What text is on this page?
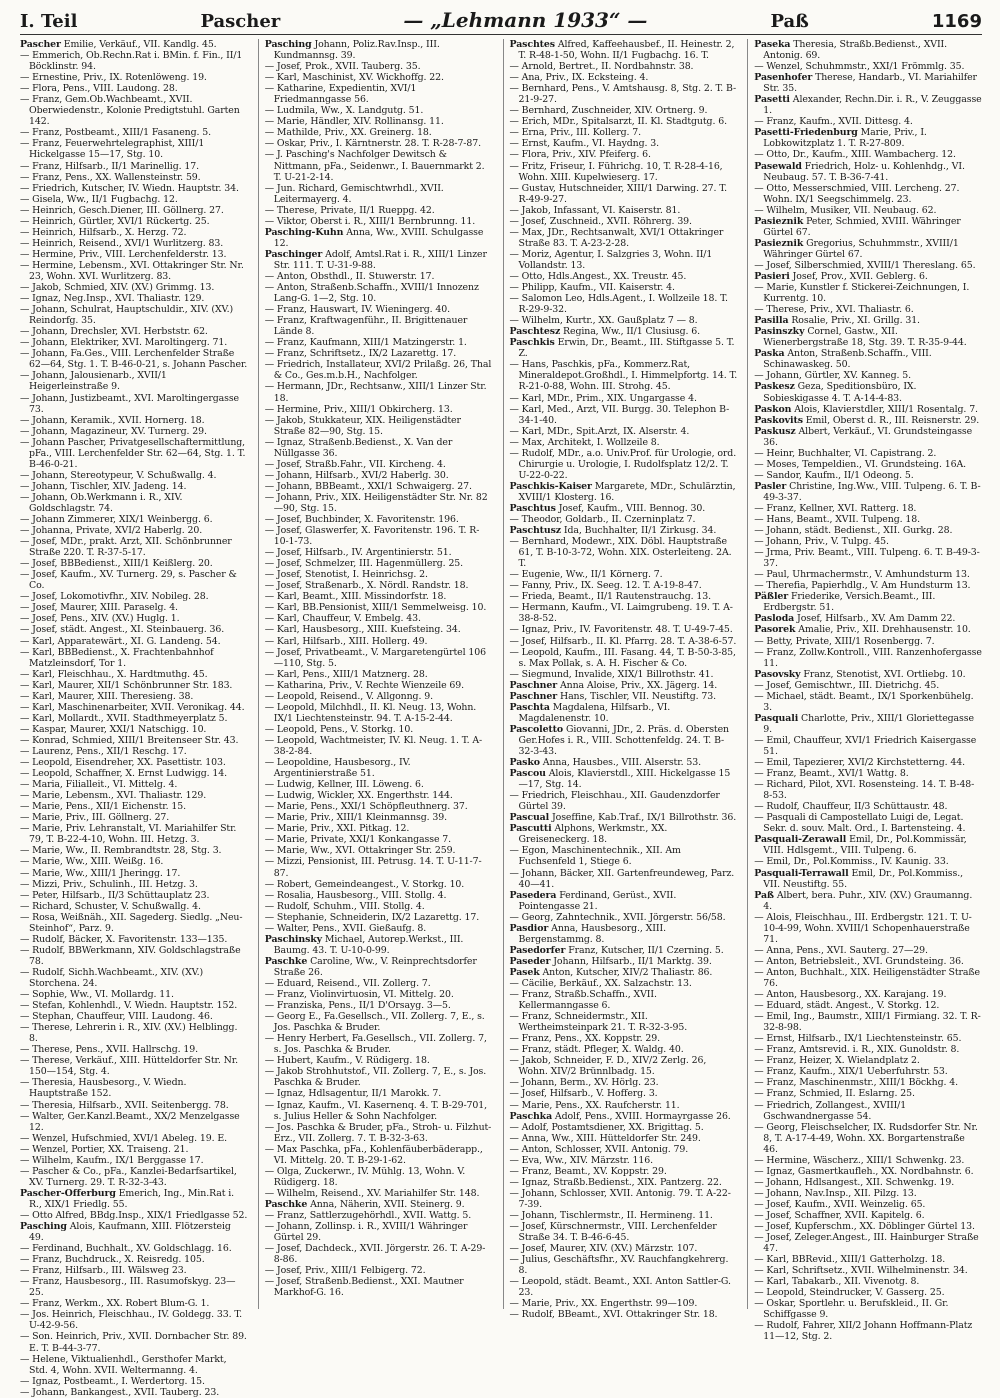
I. Teil	Pascher	— „Lehmann 1933“ —	Paß	1169

Pascher Emilie, Verkäuf., VII. Kandlg. 45.

— Emmerich, Ob.Rechn.Rat i. BMin. f. Fin., II/1 Böcklinstr. 94.

— Ernestine, Priv., IX. Rotenlöweng. 19.

— Flora, Pens., VIII. Laudong. 28.

— Franz, Gem.Ob.Wachbeamt., XVII. Oberwiedenstr., Kolonie Predigtstuhl. Garten 142.

— Franz, Postbeamt., XIII/1 Fasaneng. 5.

— Franz, Feuerwehrtelegraphist, XIII/1 Hickelgasse 15—17, Stg. 10.

— Franz, Hilfsarb., II/1 Marinellig. 17.

— Franz, Pens., XX. Wallensteinstr. 59.

— Friedrich, Kutscher, IV. Wiedn. Hauptstr. 34.

— Gisela, Ww., II/1 Fugbachg. 12.

— Heinrich, Gesch.Diener, III. Göllnerg. 27.

— Heinrich, Gürtler, XVI/1 Rückertg. 25.

— Heinrich, Hilfsarb., X. Herzg. 72.

— Heinrich, Reisend., XVI/1 Wurlitzerg. 83.

— Hermine, Priv., VIII. Lerchenfelderstr. 13.

— Hermine, Lebensm., XVI. Ottakringer Str. Nr. 23, Wohn. XVI. Wurlitzerg. 83.

— Jakob, Schmied, XIV. (XV.) Grimmg. 13.

— Ignaz, Neg.Insp., XVI. Thaliastr. 129.

— Johann, Schulrat, Hauptschuldir., XIV. (XV.) Reindorfg. 35.

— Johann, Drechsler, XVI. Herbststr. 62.

— Johann, Elektriker, XVI. Maroltingerg. 71.

— Johann, Fa.Ges., VIII. Lerchenfelder Straße 62—64, Stg. 1. T. B-46-0-21, s. Johann Pascher.

— Johann, Jalousienarb., XVII/1 Heigerleinstraße 9.

— Johann, Justizbeamt., XVI. Maroltingergasse 73.

— Johann, Keramik., XVII. Hornerg. 18.

— Johann, Magazineur, XV. Turnerg. 29.

— Johann Pascher, Privatgesellschaftermittlung, pFa., VIII. Lerchenfelder Str. 62—64, Stg. 1. T. B-46-0-21.

— Johann, Stereotypeur, V. Schußwallg. 4.

— Johann, Tischler, XIV. Jadeng. 14.

— Johann, Ob.Werkmann i. R., XIV. Goldschlagstr. 74.

— Johann Zimmerer, XIX/1 Weinbergg. 6.

— Johanna, Private, XVI/2 Haberlg. 20.

— Josef, MDr., prakt. Arzt, XII. Schönbrunner Straße 220. T. R-37-5-17.

— Josef, BBBedienst., XIII/1 Keißlerg. 20.

— Josef, Kaufm., XV. Turnerg. 29, s. Pascher & Co.

— Josef, Lokomotivfhr., XIV. Nobileg. 28.

— Josef, Maurer, XIII. Paraselg. 4.

— Josef, Pens., XIV. (XV.) Huglg. 1.

— Josef, städt. Angest., XI. Steinbauerg. 36.

— Karl, Apparatewärt., XI. G. Landeng. 54.

— Karl, BBBedienst., X. Frachtenbahnhof Matzleinsdorf, Tor 1.

— Karl, Fleischhau., X. Hardtmuthg. 45.

— Karl, Maurer, XII/1 Schönbrunner Str. 183.

— Karl, Maurer, XIII. Theresieng. 38.

— Karl, Maschinenarbeiter, XVII. Veronikag. 44.

— Karl, Mollardt., XVII. Stadthmeyerplatz 5.

— Kaspar, Maurer, XXI/1 Natschigg. 10.

— Konrad, Schmied, XIII/1 Breitenseer Str. 43.

— Laurenz, Pens., XII/1 Reschg. 17.

— Leopold, Eisendreher, XX. Pasettistr. 103.

— Leopold, Schaffner, X. Ernst Ludwigg. 14.

— Maria, Filialleit., VI. Mittelg. 4.

— Marie, Lebensm., XVI. Thaliastr. 129.

— Marie, Pens., XII/1 Eichenstr. 15.

— Marie, Priv., III. Göllnerg. 27.

— Marie, Priv. Lehranstalt, VI. Mariahilfer Str. 79, T. B-22-4-10, Wohn. III. Hetzg. 3.

— Marie, Ww., II. Rembrandtstr. 28, Stg. 3.

— Marie, Ww., XIII. Weißg. 16.

— Marie, Ww., XIII/1 Jheringg. 17.

— Mizzi, Priv., Schulinh., III. Hetzg. 3.

— Peter, Hilfsarb., II/3 Schüttauplatz 23.

— Richard, Schuster, V. Schußwallg. 4.

— Rosa, Weißnäh., XII. Sagederg. Siedlg. „Neu-Steinhof“, Parz. 9.

— Rudolf, Bäcker, X. Favoritenstr. 133—135.

— Rudolf, BBWerkmann, XIV. Goldschlagstraße 78.

— Rudolf, Sichh.Wachbeamt., XIV. (XV.) Storchena. 24.

— Sophie, Ww., VI. Mollardg. 11.

— Stefan, Kohlenhdl., V. Wiedn. Hauptstr. 152.

— Stephan, Chauffeur, VIII. Laudong. 46.

— Therese, Lehrerin i. R., XIV. (XV.) Helblingg. 8.

— Therese, Pens., XVII. Hallrschg. 19.

— Therese, Verkäuf., XIII. Hütteldorfer Str. Nr. 150—154, Stg. 4.

— Theresia, Hausbesorg., V. Wiedn. Hauptstraße 152.

— Theresia, Hilfsarb., XVII. Seitenbergg. 78.

— Walter, Ger.Kanzl.Beamt., XX/2 Menzelgasse 12.

— Wenzel, Hufschmied, XVI/1 Abeleg. 19. E.

— Wenzel, Portier, XX. Traiseng. 21.

— Wilhelm, Kaufm., IX/1 Berggasse 17.

— Pascher & Co., pFa., Kanzlei-Bedarfsartikel, XV. Turnerg. 29. T. R-32-3-43.

Pascher-Offerburg Emerich, Ing., Min.Rat i. R., XIX/1 Friedlg. 55.

— Otto Alfred, BBdg.Insp., XIX/1 Friedlgasse 52.

Pasching Alois, Kaufmann, XIII. Flötzersteig 49.

— Ferdinand, Buchhalt., XV. Goldschlagg. 16.

— Franz, Buchdruck., X. Reisredg. 105.

— Franz, Hilfsarb., III. Wälsweg 23.

— Franz, Hausbesorg., III. Rasumofskyg. 23—25.

— Franz, Werkm., XX. Robert Blum-G. 1.

— Jos. Heinrich, Fleischhau., IV. Goldegg. 33. T. U-42-9-56.

— Son. Heinrich, Priv., XVII. Dornbacher Str. 89. E. T. B-44-3-77.

— Helene, Viktualienhdl., Gersthofer Markt, Std. 4, Wohn. XVII. Weltermanng. 4.

— Ignaz, Postbeamt., I. Werdertorg. 15.

— Johann, Bankangest., XVII. Tauberg. 23.

Pasching Johann, Poliz.Rav.Insp., III. Kundmannsg. 39.

— Josef, Prok., XVII. Tauberg. 35.

— Karl, Maschinist, XV. Wickhoffg. 22.

— Katharine, Expedientin, XVI/1 Friedmanngasse 56.

— Ludmila, Ww., X. Landgutg. 51.

— Marie, Händler, XIV. Rollinansg. 11.

— Mathilde, Priv., XX. Greinerg. 18.

— Oskar, Priv., I. Kärntnerstr. 28. T. R-28-7-87.

— J. Pasching's Nachfolger Dewitsch & Nittmann, pFa., Seidenwr., I. Bauernmarkt 2. T. U-21-2-14.

— Jun. Richard, Gemischtwrhdl., XVII. Leitermayerg. 4.

— Therese, Private, II/1 Rueppg. 42.

— Viktor, Oberst i. R., XIII/1 Bernbrunng. 11.

Pasching-Kuhn Anna, Ww., XVIII. Schulgasse 12.

Paschinger Adolf, Amtsl.Rat i. R., XIII/1 Linzer Str. 111. T. U-31-9-88.

— Anton, Obsthdl., II. Stuwerstr. 17.

— Anton, Straßenb.Schaffn., XVIII/1 Innozenz Lang-G. 1—2, Stg. 10.

— Franz, Hauswart, IV. Wieningerg. 40.

— Franz, Kraftwagenführ., II. Brigittenauer Lände 8.

— Franz, Kaufmann, XIII/1 Matzingerstr. 1.

— Franz, Schriftsetz., IX/2 Lazarettg. 17.

— Friedrich, Installateur, XVI/2 Prilaßg. 26, Thal & Co., Ges.m.b.H., Nachfolger.

— Hermann, JDr., Rechtsanw., XIII/1 Linzer Str. 18.

— Hermine, Priv., XIII/1 Obkircherg. 13.

— Jakob, Stukkateur, XIX. Heiligenstädter Straße 82—90, Stg. 15.

— Ignaz, Straßenb.Bedienst., X. Van der Nüllgasse 36.

— Josef, Straßb.Fahr., VII. Kircheng. 4.

— Johann, Hilfsarb., XVI/2 Haberlg. 30.

— Johann, BBBeamt., XXI/1 Schwaigerg. 27.

— Johann, Priv., XIX. Heiligenstädter Str. Nr. 82—90, Stg. 15.

— Josef, Buchbinder, X. Favoritenstr. 196.

— Josef, Glaswerfer, X. Favoritenstr. 196. T. R-10-1-73.

— Josef, Hilfsarb., IV. Argentinierstr. 51.

— Josef, Schmelzer, III. Hagenmüllerg. 25.

— Josef, Stenotist, I. Heinrichsg. 2.

— Josef, Straßenarb., X. Nördl. Randstr. 18.

— Karl, Beamt., XIII. Missindorfstr. 18.

— Karl, BB.Pensionist, XIII/1 Semmelweisg. 10.

— Karl, Chauffeur, V. Embelg. 43.

— Karl, Hausbesorg., XIII. Kuefsteing. 34.

— Karl, Hilfsarb., XIII. Hollerg. 49.

— Josef, Privatbeamt., V. Margaretengürtel 106—110, Stg. 5.

— Karl, Pens., XIII/1 Matznerg. 28.

— Katharina, Priv., V. Rechte Wienzeile 69.

— Leopold, Reisend., V. Allgonng. 9.

— Leopold, Milchhdl., II. Kl. Neug. 13, Wohn. IX/1 Liechtensteinstr. 94. T. A-15-2-44.

— Leopold, Pens., V. Storkg. 10.

— Leopold, Wachtmeister, IV. Kl. Neug. 1. T. A-38-2-84.

— Leopoldine, Hausbesorg., IV. Argentinierstraße 51.

— Ludwig, Kellner, III. Löweng. 6.

— Ludwig, Wickler, XX. Engerthstr. 144.

— Marie, Pens., XXI/1 Schöpfleuthnerg. 37.

— Marie, Priv., XIII/1 Kleinmannsg. 39.

— Marie, Priv., XXI. Pitkag. 12.

— Marie, Private, XXI/1 Konkangasse 7.

— Marie, Ww., XVI. Ottakringer Str. 259.

— Mizzi, Pensionist, III. Petrusg. 14. T. U-11-7-87.

— Robert, Gemeindeangest., V. Storkg. 10.

— Rosalia, Hausbesorg., VIII. Stollg. 4.

— Rudolf, Schuhm., VIII. Stollg. 4.

— Stephanie, Schneiderin, IX/2 Lazarettg. 17.

— Walter, Pens., XVII. Gießaufg. 8.

Paschinsky Michael, Autorep.Werkst., III. Baumg. 43. T. U-10-0-99.

Paschke Caroline, Ww., V. Reinprechtsdorfer Straße 26.

— Eduard, Reisend., VII. Zollerg. 7.

— Franz, Violinvirtuosin, VI. Mittelg. 20.

— Franziska, Pens., II/1 D'Orsayg. 3—5.

— Georg E., Fa.Gesellsch., VII. Zollerg. 7, E., s. Jos. Paschka & Bruder.

— Henry Herbert, Fa.Gesellsch., VII. Zollerg. 7, s. Jos. Paschka & Bruder.

— Hubert, Kaufm., V. Rüdigerg. 18.

— Jakob Strohhutstof., VII. Zollerg. 7, E., s. Jos. Paschka & Bruder.

— Ignaz, Hdlsagentur, II/1 Marokk. 7.

— Ignaz, Kaufm., VI. Kasernenq. 4. T. B-29-701, s. Julius Heller & Sohn Nachfolger.

— Jos. Paschka & Bruder, pFa., Stroh- u. Filzhut-Erz., VII. Zollerg. 7. T. B-32-3-63.

— Max Paschka, pFa., Kohlenfäuberbäderapp., VI. Mittelg. 20. T. B-29-1-62.

— Olga, Zuckerwr., IV. Mühlg. 13, Wohn. V. Rüdigerg. 18.

— Wilhelm, Reisend., XV. Mariahilfer Str. 148.

Paschke Anna, Näherin, XVII. Steinerg. 9.

— Franz, Sattlerzugehörhdl., XVII. Wattg. 5.

— Johann, Zollinsp. i. R., XVIII/1 Währinger Gürtel 29.

— Josef, Dachdeck., XVII. Jörgerstr. 26. T. A-29-8-86.

— Josef, Priv., XIII/1 Felbigerg. 72.

— Josef, Straßenb.Bedienst., XXI. Mautner Markhof-G. 16.

Paschtes Alfred, Kaffeehausbef., II. Heinestr. 2, T. R-48-1-50, Wohn. II/1 Fugbachg. 16. T.

— Arnold, Bertret., II. Nordbahnstr. 38.

— Ana, Priv., IX. Ecksteing. 4.

— Bernhard, Pens., V. Amtshausg. 8, Stg. 2. T. B-21-9-27.

— Bernhard, Zuschneider, XIV. Ortnerg. 9.

— Erich, MDr., Spitalsarzt, II. Kl. Stadtgutg. 6.

— Erna, Priv., III. Kollerg. 7.

— Ernst, Kaufm., VI. Haydng. 3.

— Flora, Priv., XIV. Pfeiferg. 6.

— Fritz, Friseur, I. Führichg. 10, T. R-28-4-16, Wohn. XIII. Kupelwieserg. 17.

— Gustav, Hutschneider, XIII/1 Darwing. 27. T. R-49-9-27.

— Jakob, Infassant, VI. Kaiserstr. 81.

— Josef, Zuschneid., XVII. Röhrerg. 39.

— Max, JDr., Rechtsanwalt, XVI/1 Ottakringer Straße 83. T. A-23-2-28.

— Moriz, Agentur, I. Salzgries 3, Wohn. II/1 Vollandstr. 13.

— Otto, Hdls.Angest., XX. Treustr. 45.

— Philipp, Kaufm., VII. Kaiserstr. 4.

— Salomon Leo, Hdls.Agent., I. Wollzeile 18. T. R-29-9-32.

— Wilhelm, Kurtr., XX. Gaußplatz 7 — 8.

Paschtesz Regina, Ww., II/1 Clusiusg. 6.

Paschkis Erwin, Dr., Beamt., III. Stiftgasse 5. T. Z.

— Hans, Paschkis, pFa., Kommerz.Rat, Mineraldepot.Großhdl., I. Himmelpfortg. 14. T. R-21-0-88, Wohn. III. Strohg. 45.

— Karl, MDr., Prim., XIX. Ungargasse 4.

— Karl, Med., Arzt, VII. Burgg. 30. Telephon B-34-1-40.

— Karl, MDr., Spit.Arzt, IX. Alserstr. 4.

— Max, Architekt, I. Wollzeile 8.

— Rudolf, MDr., a.o. Univ.Prof. für Urologie, ord. Chirurgie u. Urologie, I. Rudolfsplatz 12/2. T. U-22-0-22.

Paschkis-Kaiser Margarete, MDr., Schulärztin, XVIII/1 Klosterg. 16.

Paschtus Josef, Kaufm., VIII. Bennog. 30.

— Theodor, Goldarb., II. Czerninplatz 7.

Paschtusz Ida, Buchhalter, II/1 Zirkusg. 34.

— Bernhard, Modewr., XIX. Döbl. Hauptstraße 61, T. B-10-3-72, Wohn. XIX. Osterleiteng. 2A. T.

— Eugenie, Ww., II/1 Körnerg. 7.

— Fanny, Priv., IX. Seeg. 12. T. A-19-8-47.

— Frieda, Beamt., II/1 Rautenstrauchg. 13.

— Hermann, Kaufm., VI. Laimgrubeng. 19. T. A-38-8-52.

— Ignaz, Priv., IV. Favoritenstr. 48. T. U-49-7-45.

— Josef, Hilfsarb., II. Kl. Pfarrg. 28. T. A-38-6-57.

— Leopold, Kaufm., III. Fasang. 44, T. B-50-3-85, s. Max Pollak, s. A. H. Fischer & Co.

— Siegmund, Invalide, XIX/1 Billrothstr. 41.

Paschner Anna Aloise, Priv., XX. Jägerg. 14.

Paschner Hans, Tischler, VII. Neustiftg. 73.

Paschta Magdalena, Hilfsarb., VI. Magdalenenstr. 10.

Pascoletto Giovanni, JDr., 2. Präs. d. Obersten Ger.Hofes i. R., VIII. Schottenfeldg. 24. T. B-32-3-43.

Pasko Anna, Hausbes., VIII. Alserstr. 53.

Pascou Alois, Klavierstdl., XIII. Hickelgasse 15—17, Stg. 14.

— Friedrich, Fleischhau., XII. Gaudenzdorfer Gürtel 39.

Pascual Joseffine, Kab.Traf., IX/1 Billrothstr. 36.

Pascutti Alphons, Werkmstr., XX. Greiseneckerg. 18.

— Egon, Maschinentechnik., XII. Am Fuchsenfeld 1, Stiege 6.

— Johann, Bäcker, XII. Gartenfreundeweg, Parz. 40—41.

Pasedera Ferdinand, Gerüst., XVII. Pointengasse 21.

— Georg, Zahntechnik., XVII. Jörgerstr. 56/58.

Pasdior Anna, Hausbesorg., XIII. Bergenstammg. 8.

Pasedorfer Franz, Kutscher, II/1 Czerning. 5.

Paseder Johann, Hilfsarb., II/1 Marktg. 39.

Pasek Anton, Kutscher, XIV/2 Thaliastr. 86.

— Cäcilie, Berkäuf., XX. Salzachstr. 13.

— Franz, Straßb.Schaffn., XVII. Kellermanngasse 6.

— Franz, Schneidermstr., XII. Wertheimsteinpark 21. T. R-32-3-95.

— Franz, Pens., XX. Koppstr. 29.

— Franz, städt. Pfleger, X. Waldg. 40.

— Jakob, Schneider, F. D., XIV/2 Zerlg. 26, Wohn. XIV/2 Brünnlbadg. 15.

— Johann, Berm., XV. Hörlg. 23.

— Josef, Hilfsarb., V. Hofferg. 3.

— Marie, Pens., XX. Raufcherstr. 11.

Paschka Adolf, Pens., XVIII. Hormayrgasse 26.

— Adolf, Postamtsdiener, XX. Brigittag. 5.

— Anna, Ww., XIII. Hütteldorfer Str. 249.

— Anton, Schlosser, XVII. Antonig. 79.

— Eva, Ww., XIV. Märzstr. 116.

— Franz, Beamt., XV. Koppstr. 29.

— Ignaz, Straßb.Bedienst., XIX. Pantzerg. 22.

— Johann, Schlosser, XVII. Antonig. 79. T. A-22-7-39.

— Johann, Tischlermstr., II. Hermineng. 11.

— Josef, Kürschnermstr., VIII. Lerchenfelder Straße 34. T. B-46-6-45.

— Josef, Maurer, XIV. (XV.) Märzstr. 107.

— Julius, Geschäftsfhr., XV. Rauchfangkehrerg. 8.

— Leopold, städt. Beamt., XXI. Anton Sattler-G. 23.

— Marie, Priv., XX. Engerthstr. 99—109.

— Rudolf, BBeamt., XVI. Ottakringer Str. 18.

Paseka Theresia, Straßb.Bedienst., XVII. Antonig. 69.

— Wenzel, Schuhmmstr., XXI/1 Frömmlg. 35.

Pasenhofer Therese, Handarb., VI. Mariahilfer Str. 35.

Pasetti Alexander, Rechn.Dir. i. R., V. Zeuggasse 1.

— Franz, Kaufm., XVII. Dittesg. 4.

Pasetti-Friedenburg Marie, Priv., I. Lobkowitzplatz 1. T. R-27-809.

— Otto, Dr., Kaufm., XIII. Wambacherg. 12.

Pasewald Friedrich, Holz- u. Kohlenhdg., VI. Neubaug. 57. T. B-36-7-41.

— Otto, Messerschmied, VIII. Lercheng. 27. Wohn. IX/1 Seegschimmelg. 23.

— Wilhelm, Musiker, VII. Neubaug. 62.

Pasieznik Peter, Schmied, XVIII. Währinger Gürtel 67.

Pasieznik Gregorius, Schuhmmstr., XVIII/1 Währinger Gürtel 67.

— Josef, Silberschmied, XVIII/1 Thereslang. 65.

Pasieri Josef, Prov., XVII. Geblerg. 6.

— Marie, Kunstler f. Stickerei-Zeichnungen, I. Kurrentg. 10.

— Therese, Priv., XVI. Thaliastr. 6.

Pasilla Rosalie, Priv., XI. Grillg. 31.

Pasinszky Cornel, Gastw., XII. Wienerbergstraße 18, Stg. 39. T. R-35-9-44.

Paska Anton, Straßenb.Schaffn., VIII. Schinawaskeg. 50.

— Johann, Gürtler, XV. Kanneg. 5.

Paskesz Geza, Speditionsbüro, IX. Sobieskigasse 4. T. A-14-4-83.

Paskon Alois, Klavierstdler, XIII/1 Rosentalg. 7.

Paskovits Emil, Oberst d. R., III. Reisnerstr. 29.

Paskusz Albert, Verkäuf., VI. Grundsteingasse 36.

— Heinr, Buchhalter, VI. Capistrang. 2.

— Moses, Tempeldien., VI. Grundsteing. 16A.

— Sandor, Kaufm., II/1 Odeong. 5.

Pasler Christine, Ing.Ww., VIII. Tulpeng. 6. T. B-49-3-37.

— Franz, Kellner, XVI. Ratterg. 18.

— Hans, Beamt., XVII. Tulpeng. 18.

— Johann, städt. Bedienst., XII. Gurkg. 28.

— Johann, Priv., V. Tulpg. 45.

— Jrma, Priv. Beamt., VIII. Tulpeng. 6. T. B-49-3-37.

— Paul, Uhrmachermstr., V. Amhundsturm 13.

— Therefia, Papierhdlg., V. Am Hundsturm 13.

Päßler Friederike, Versich.Beamt., III. Erdbergstr. 51.

Pasloda Josef, Hilfsarb., XV. Am Damm 22.

Pasorek Amalie, Priv., XII. Drehhausenstr. 10.

— Betty, Private, XIII/1 Rosenbergg. 7.

— Franz, Zollw.Kontroll., VIII. Ranzenhofergasse 11.

Pasovsky Franz, Stenotist, XVI. Ortliebg. 10.

— Josef, Gemischtwr., III. Dietrichg. 45.

— Michael, städt. Beamt., IX/1 Sporkenbühelg. 3.

Pasquali Charlotte, Priv., XIII/1 Gloriettegasse 9.

— Emil, Chauffeur, XVI/1 Friedrich Kaisergasse 51.

— Emil, Tapezierer, XVI/2 Kirchstetterng. 44.

— Franz, Beamt., XVI/1 Wattg. 8.

— Richard, Pilot, XVI. Rosensteing. 14. T. B-48-8-53.

— Rudolf, Chauffeur, II/3 Schüttaustr. 48.

— Pasquali di Campostellato Luigi de, Legat. Sekr. d. souv. Malt. Ord., I. Bartensteing. 4.

Pasquali-Zerawall Emil, Dr., Pol.Kommissär, VIII. Hdlsgemt., VIII. Tulpeng. 6.

— Emil, Dr., Pol.Kommiss., IV. Kaunig. 33.

Pasquali-Terrawall Emil, Dr., Pol.Kommiss., VII. Neustiftg. 55.

Paß Albert, bera. Puhr., XIV. (XV.) Graumanng. 4.

— Alois, Fleischhau., III. Erdbergstr. 121. T. U-10-4-99, Wohn. XVIII/1 Schopenhauerstraße 71.

— Anna, Pens., XVI. Sauterg. 27—29.

— Anton, Betriebsleit., XVI. Grundsteing. 36.

— Anton, Buchhalt., XIX. Heiligenstädter Straße 76.

— Anton, Hausbesorg., XX. Karajang. 19.

— Eduard, städt. Angest., V. Storkg. 12.

— Emil, Ing., Baumstr., XIII/1 Firmiang. 32. T. R-32-8-98.

— Ernst, Hilfsarb., IX/1 Liechtensteinstr. 65.

— Franz, Amtsrevid. i. R., XIX. Gunoldstr. 8.

— Franz, Heizer, X. Wielandplatz 2.

— Franz, Kaufm., XIX/1 Ueberfuhrstr. 53.

— Franz, Maschinenmstr., XIII/1 Böckhg. 4.

— Franz, Schmied, II. Eslarng. 25.

— Friedrich, Zollangest., XVIII/1 Gschwandnergasse 54.

— Georg, Fleischselcher, IX. Rudsdorfer Str. Nr. 8, T. A-17-4-49, Wohn. XX. Borgartenstraße 46.

— Hermine, Wäscherz., XIII/1 Schwenkg. 23.

— Ignaz, Gasmertkaufleh., XX. Nordbahnstr. 6.

— Johann, Hdlsangest., XII. Schwenkg. 19.

— Johann, Nav.Insp., XII. Pilzg. 13.

— Josef, Kaufm., XVII. Weinzelig. 65.

— Josef, Schaffner, XVII. Kapitelg. 6.

— Josef, Kupferschm., XX. Döblinger Gürtel 13.

— Josef, Zeleger.Angest., III. Hainburger Straße 47.

— Karl, BBRevid., XIII/1 Gatterholzg. 18.

— Karl, Schriftsetz., XVII. Wilhelminenstr. 34.

— Karl, Tabakarb., XII. Vivenotg. 8.

— Leopold, Steindrucker, V. Gasserg. 25.

— Oskar, Sportlehr. u. Berufskleid., II. Gr. Schiffgasse 9.

— Rudolf, Fahrer, XII/2 Johann Hoffmann-Platz 11—12, Stg. 2.
